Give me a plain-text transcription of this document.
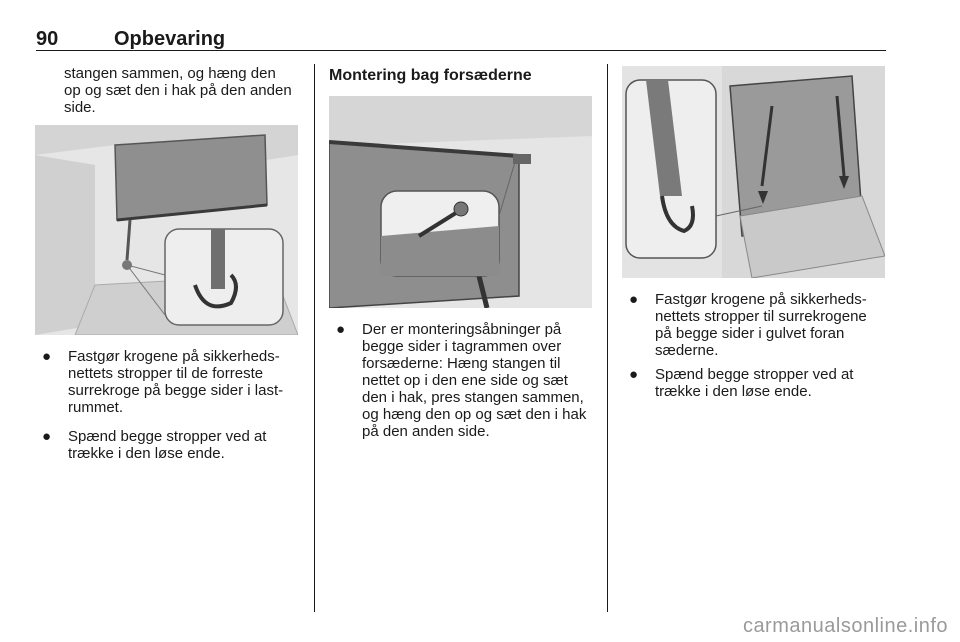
90	Opbevaring
stangen sammen, og hæng den
op og sæt den i hak på den anden
side.
●	Fastgør krogene på sikkerheds-
nettets stropper til de forreste
surrekroge på begge sider i last-
rummet.
●	Spænd begge stropper ved at
trække i den løse ende.
Montering bag forsæderne
●	Der er monteringsåbninger på
begge sider i tagrammen over
forsæderne: Hæng stangen til
nettet op i den ene side og sæt
den i hak, pres stangen sammen,
og hæng den op og sæt den i hak
på den anden side.
●	Fastgør krogene på sikkerheds-
nettets stropper til surrekrogene
på begge sider i gulvet foran
sæderne.
●	Spænd begge stropper ved at
trække i den løse ende.
carmanualsonline.info
